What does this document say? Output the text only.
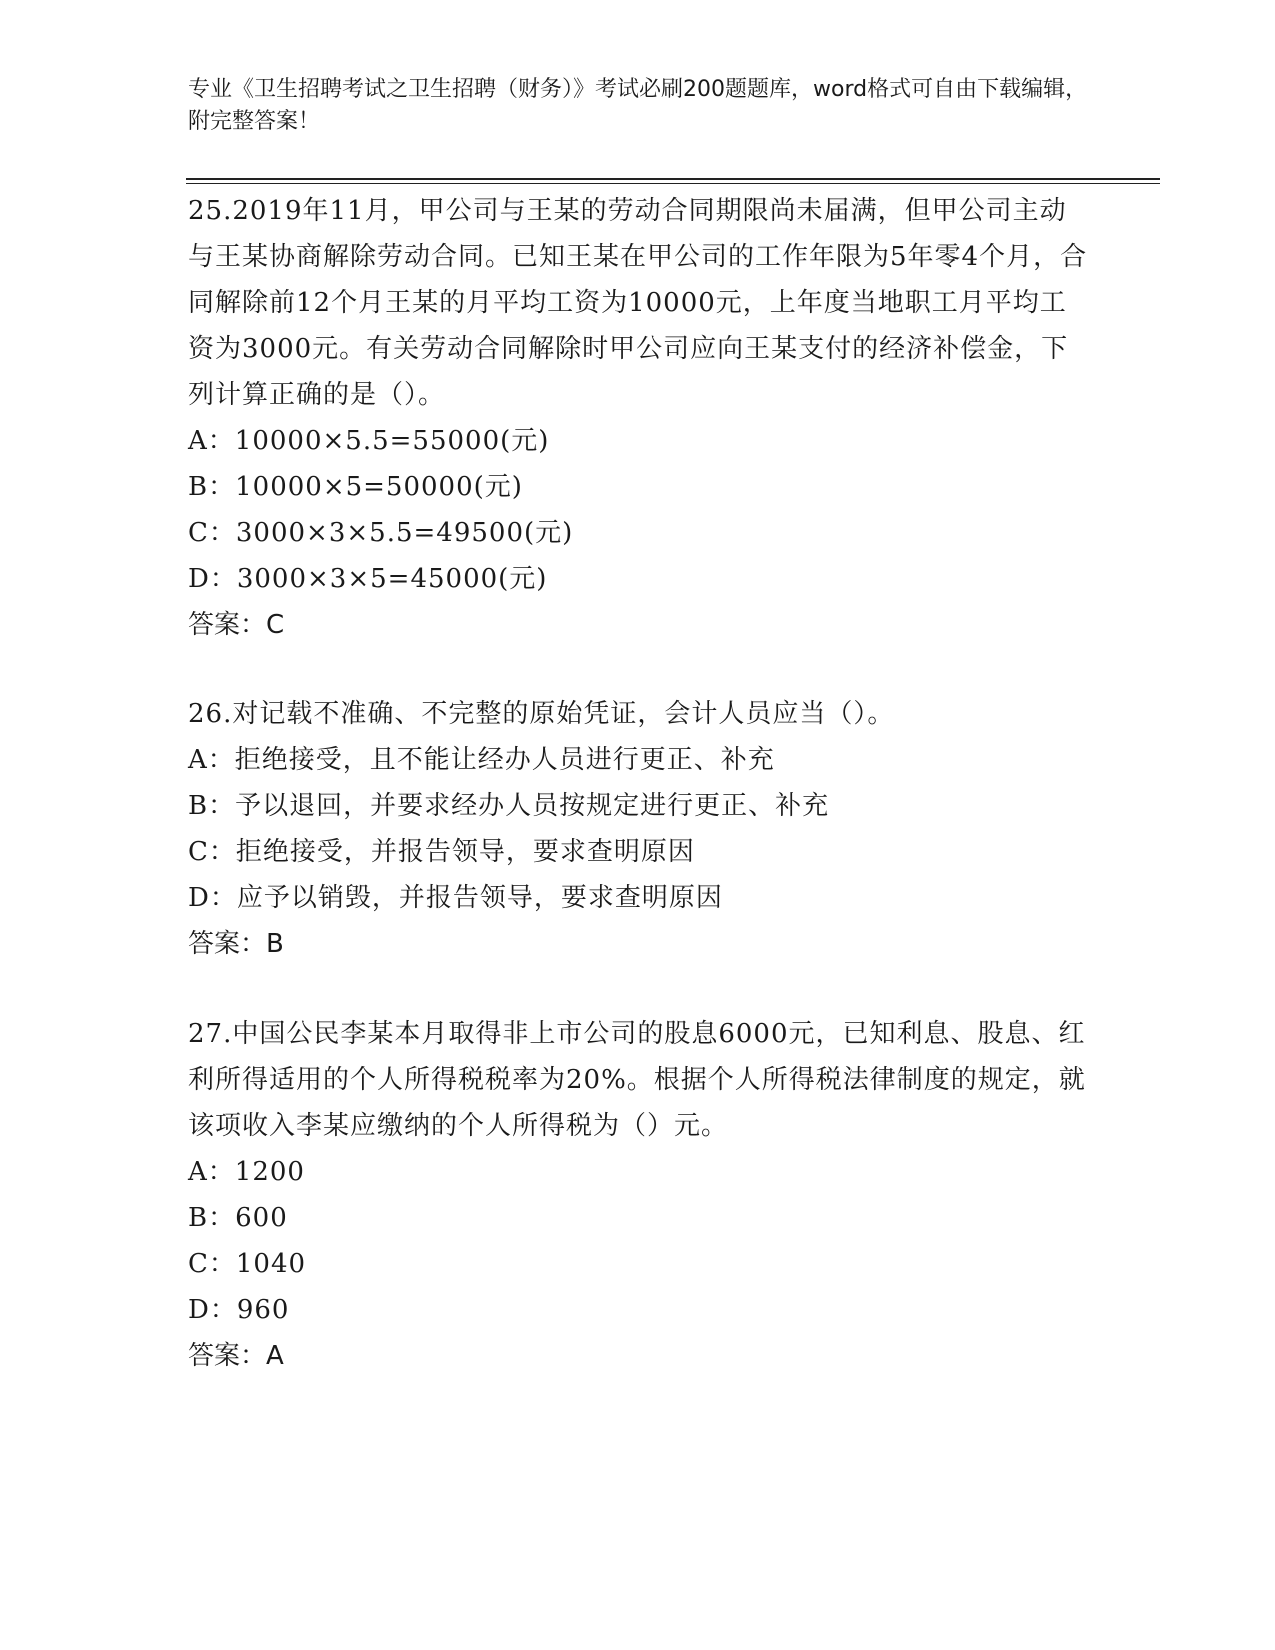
专业《卫生招聘考试之卫生招聘（财务）》考试必刷200题题库，word格式可自由下载编辑，附完整答案！

25.2019年11月，甲公司与王某的劳动合同期限尚未届满，但甲公司主动与王某协商解除劳动合同。已知王某在甲公司的工作年限为5年零4个月，合同解除前12个月王某的月平均工资为10000元，上年度当地职工月平均工资为3000元。有关劳动合同解除时甲公司应向王某支付的经济补偿金，下列计算正确的是（）。

A：10000×5.5=55000(元)

B：10000×5=50000(元)

C：3000×3×5.5=49500(元)

D：3000×3×5=45000(元)

答案：C

26.对记载不准确、不完整的原始凭证，会计人员应当（）。

A：拒绝接受，且不能让经办人员进行更正、补充

B：予以退回，并要求经办人员按规定进行更正、补充

C：拒绝接受，并报告领导，要求查明原因

D：应予以销毁，并报告领导，要求查明原因

答案：B

27.中国公民李某本月取得非上市公司的股息6000元，已知利息、股息、红利所得适用的个人所得税税率为20%。根据个人所得税法律制度的规定，就该项收入李某应缴纳的个人所得税为（）元。

A：1200

B：600

C：1040

D：960

答案：A
